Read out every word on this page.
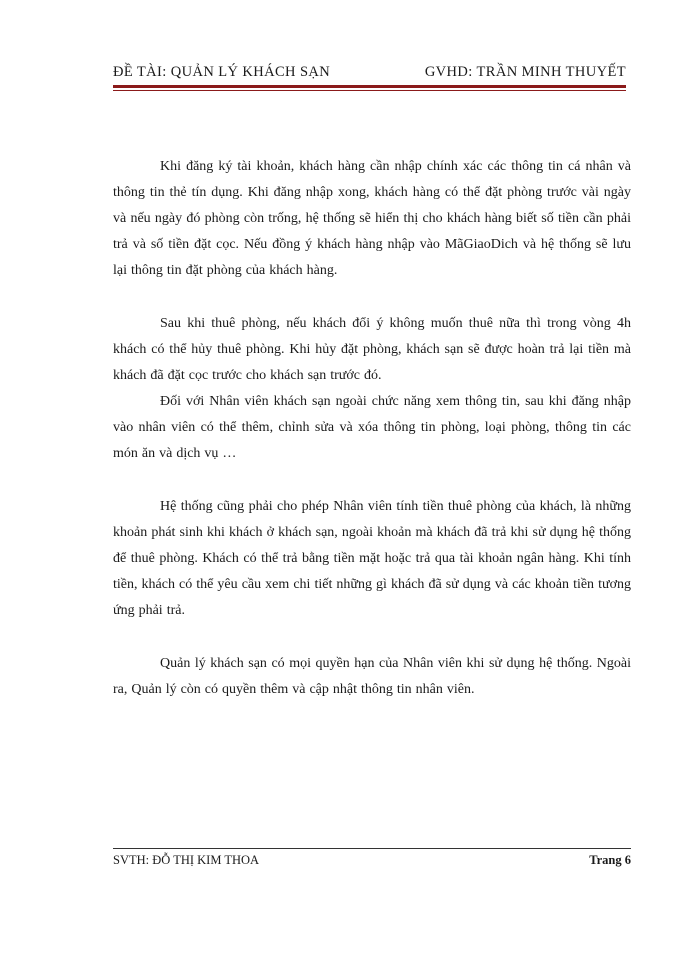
ĐỀ TÀI: QUẢN LÝ KHÁCH SẠN	GVHD: TRẦN MINH THUYẾT

Khi đăng ký tài khoản, khách hàng cần nhập chính xác các thông tin cá nhân và thông tin thẻ tín dụng. Khi đăng nhập xong, khách hàng có thể đặt phòng trước vài ngày và nếu ngày đó phòng còn trống, hệ thống sẽ hiển thị cho khách hàng biết số tiền cần phải trả và số tiền đặt cọc. Nếu đồng ý khách hàng nhập vào MãGiaoDich và hệ thống sẽ lưu lại thông tin đặt phòng của khách hàng.

Sau khi thuê phòng, nếu khách đổi ý không muốn thuê nữa thì trong vòng 4h khách có thể hủy thuê phòng. Khi hủy đặt phòng, khách sạn sẽ được hoàn trả lại tiền mà khách đã đặt cọc trước cho khách sạn trước đó.

Đối với Nhân viên khách sạn ngoài chức năng xem thông tin, sau khi đăng nhập vào nhân viên có thể thêm, chỉnh sửa và xóa thông tin phòng, loại phòng, thông tin các món ăn và dịch vụ …

Hệ thống cũng phải cho phép Nhân viên tính tiền thuê phòng của khách, là những khoản phát sinh khi khách ở khách sạn, ngoài khoản mà khách đã trả khi sử dụng hệ thống để thuê phòng. Khách có thể trả bằng tiền mặt hoặc trả qua tài khoản ngân hàng. Khi tính tiền, khách có thể yêu cầu xem chi tiết những gì khách đã sử dụng và các khoản tiền tương ứng phải trả.

Quản lý khách sạn có mọi quyền hạn của Nhân viên khi sử dụng hệ thống. Ngoài ra, Quản lý còn có quyền thêm và cập nhật thông tin nhân viên.

SVTH: ĐỖ THỊ KIM THOA	Trang 6
